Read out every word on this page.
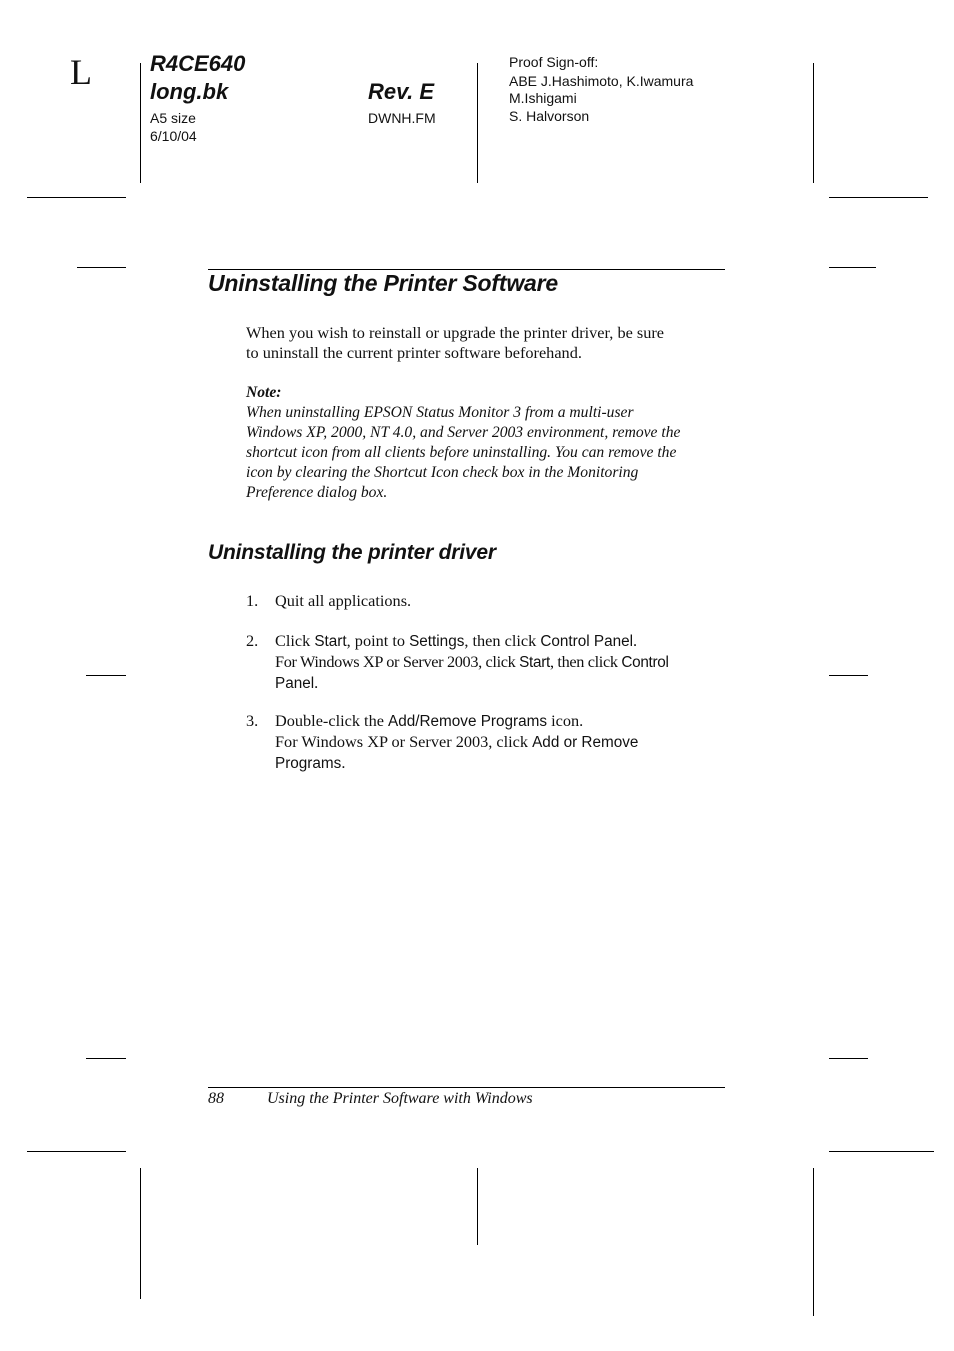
L	R4CE640
long.bk
A5 size
6/10/04
Rev. E
DWNH.FM
Proof Sign-off:
ABE J.Hashimoto, K.Iwamura
M.Ishigami
S. Halvorson
Uninstalling the Printer Software
When you wish to reinstall or upgrade the printer driver, be sure
to uninstall the current printer software beforehand.
Note:
When uninstalling EPSON Status Monitor 3 from a multi-user
Windows XP, 2000, NT 4.0, and Server 2003 environment, remove the
shortcut icon from all clients before uninstalling. You can remove the
icon by clearing the Shortcut Icon check box in the Monitoring
Preference dialog box.
Uninstalling the printer driver
1. Quit all applications.
2. Click Start, point to Settings, then click Control Panel.
For Windows XP or Server 2003, click Start, then click Control
Panel.
3. Double-click the Add/Remove Programs icon.
For Windows XP or Server 2003, click Add or Remove
Programs.
88	Using the Printer Software with Windows
